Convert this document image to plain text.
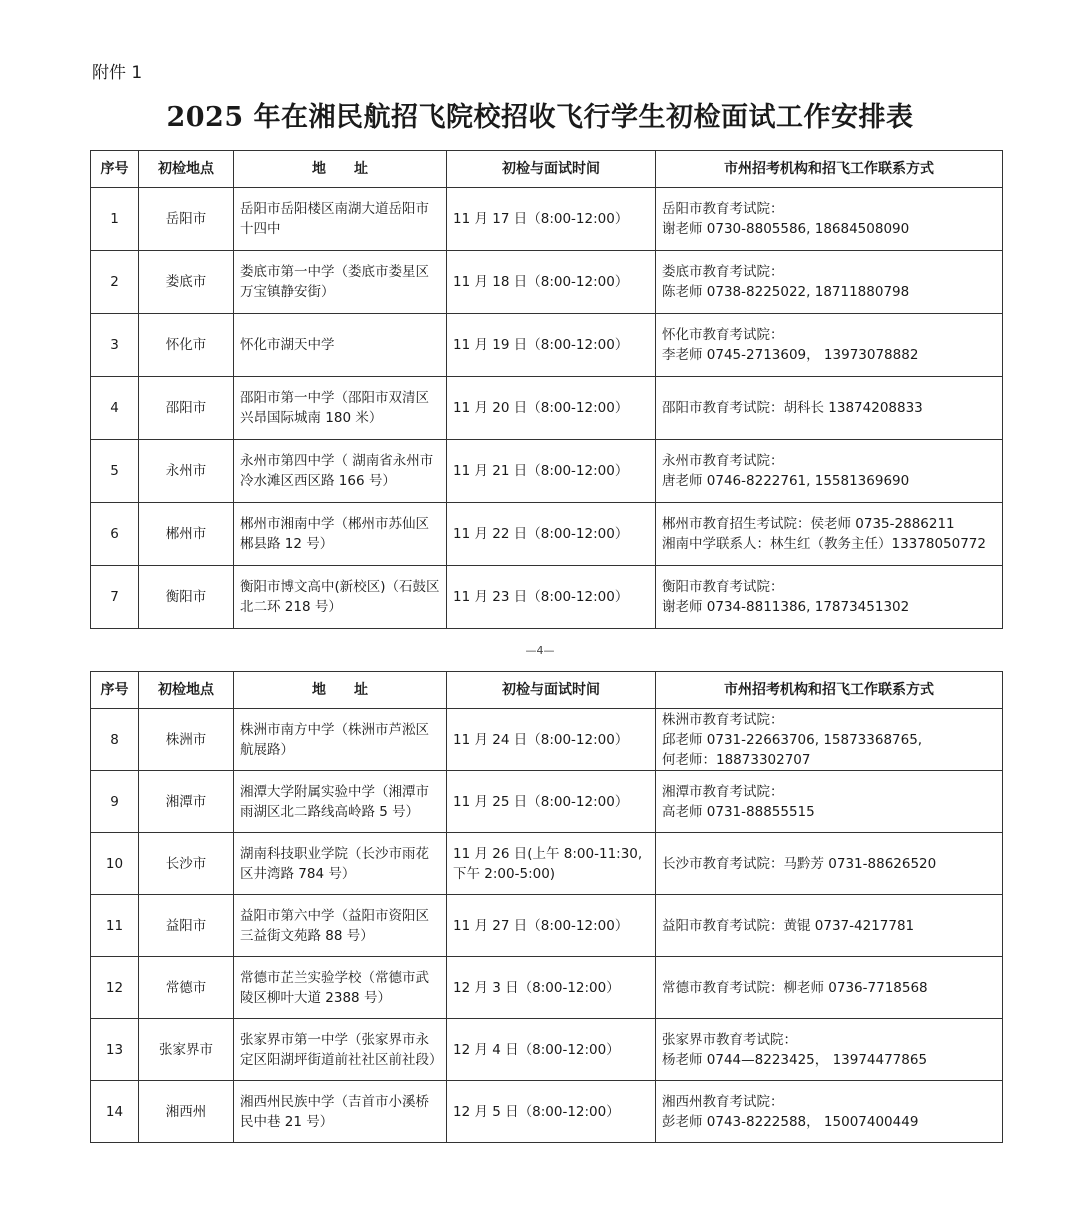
附件 1
2025 年在湘民航招飞院校招收飞行学生初检面试工作安排表
序号	初检地点	地　　址	初检与面试时间	市州招考机构和招飞工作联系方式
1	岳阳市	岳阳市岳阳楼区南湖大道岳阳市十四中	11 月 17 日（8:00-12:00）	岳阳市教育考试院：
谢老师 0730-8805586, 18684508090
2	娄底市	娄底市第一中学（娄底市娄星区万宝镇静安街）	11 月 18 日（8:00-12:00）	娄底市教育考试院：
陈老师 0738-8225022, 18711880798
3	怀化市	怀化市湖天中学	11 月 19 日（8:00-12:00）	怀化市教育考试院：
李老师 0745-2713609， 13973078882
4	邵阳市	邵阳市第一中学（邵阳市双清区兴昂国际城南 180 米）	11 月 20 日（8:00-12:00）	邵阳市教育考试院：胡科长 13874208833
5	永州市	永州市第四中学（ 湖南省永州市冷水滩区西区路 166 号）	11 月 21 日（8:00-12:00）	永州市教育考试院：
唐老师 0746-8222761, 15581369690
6	郴州市	郴州市湘南中学（郴州市苏仙区郴县路 12 号）	11 月 22 日（8:00-12:00）	郴州市教育招生考试院：侯老师 0735-2886211
湘南中学联系人：林生红（教务主任）13378050772
7	衡阳市	衡阳市博文高中(新校区)（石鼓区北二环 218 号）	11 月 23 日（8:00-12:00）	衡阳市教育考试院：
谢老师 0734-8811386, 17873451302
—4—
序号	初检地点	地　　址	初检与面试时间	市州招考机构和招飞工作联系方式
8	株洲市	株洲市南方中学（株洲市芦淞区航展路）	11 月 24 日（8:00-12:00）	株洲市教育考试院：
邱老师 0731-22663706, 15873368765,
何老师：18873302707
9	湘潭市	湘潭大学附属实验中学（湘潭市雨湖区北二路线高岭路 5 号）	11 月 25 日（8:00-12:00）	湘潭市教育考试院：
高老师 0731-88855515
10	长沙市	湖南科技职业学院（长沙市雨花区井湾路 784 号）	11 月 26 日(上午 8:00-11:30, 下午 2:00-5:00)	长沙市教育考试院：马黔芳 0731-88626520
11	益阳市	益阳市第六中学（益阳市资阳区三益街文苑路 88 号）	11 月 27 日（8:00-12:00）	益阳市教育考试院：黄锟 0737-4217781
12	常德市	常德市芷兰实验学校（常德市武陵区柳叶大道 2388 号）	12 月 3 日（8:00-12:00）	常德市教育考试院：柳老师 0736-7718568
13	张家界市	张家界市第一中学（张家界市永定区阳湖坪街道前社社区前社段）	12 月 4 日（8:00-12:00）	张家界市教育考试院：
杨老师 0744—8223425， 13974477865
14	湘西州	湘西州民族中学（吉首市小溪桥民中巷 21 号）	12 月 5 日（8:00-12:00）	湘西州教育考试院：
彭老师 0743-8222588， 15007400449
